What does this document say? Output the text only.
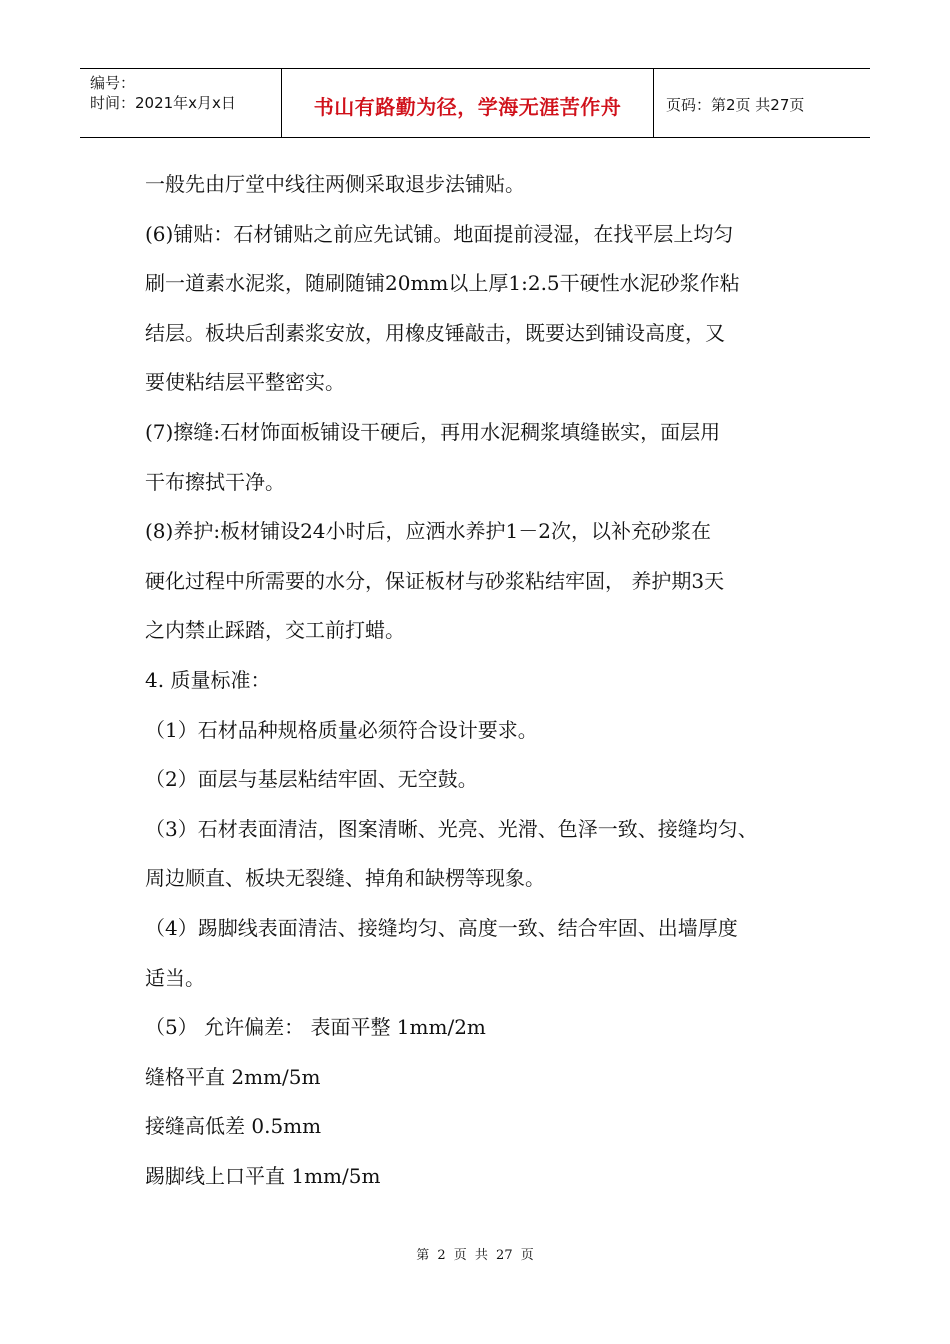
编号：
时间：2021年x月x日	书山有路勤为径，学海无涯苦作舟	页码：第2页 共27页
一般先由厅堂中线往两侧采取退步法铺贴。
(6)铺贴：石材铺贴之前应先试铺。地面提前浸湿，在找平层上均匀
刷一道素水泥浆，随刷随铺20mm以上厚1:2.5干硬性水泥砂浆作粘
结层。板块后刮素浆安放，用橡皮锤敲击，既要达到铺设高度，又
要使粘结层平整密实。
(7)擦缝:石材饰面板铺设干硬后，再用水泥稠浆填缝嵌实，面层用
干布擦拭干净。
(8)养护:板材铺设24小时后，应洒水养护1－2次，以补充砂浆在
硬化过程中所需要的水分，保证板材与砂浆粘结牢固， 养护期3天
之内禁止踩踏，交工前打蜡。
4. 质量标准：
（1）石材品种规格质量必须符合设计要求。
（2）面层与基层粘结牢固、无空鼓。
（3）石材表面清洁，图案清晰、光亮、光滑、色泽一致、接缝均匀、
周边顺直、板块无裂缝、掉角和缺楞等现象。
（4）踢脚线表面清洁、接缝均匀、高度一致、结合牢固、出墙厚度
适当。
（5） 允许偏差： 表面平整 1mm/2m
缝格平直 2mm/5m
接缝高低差 0.5mm
踢脚线上口平直 1mm/5m
第 2 页 共 27 页
